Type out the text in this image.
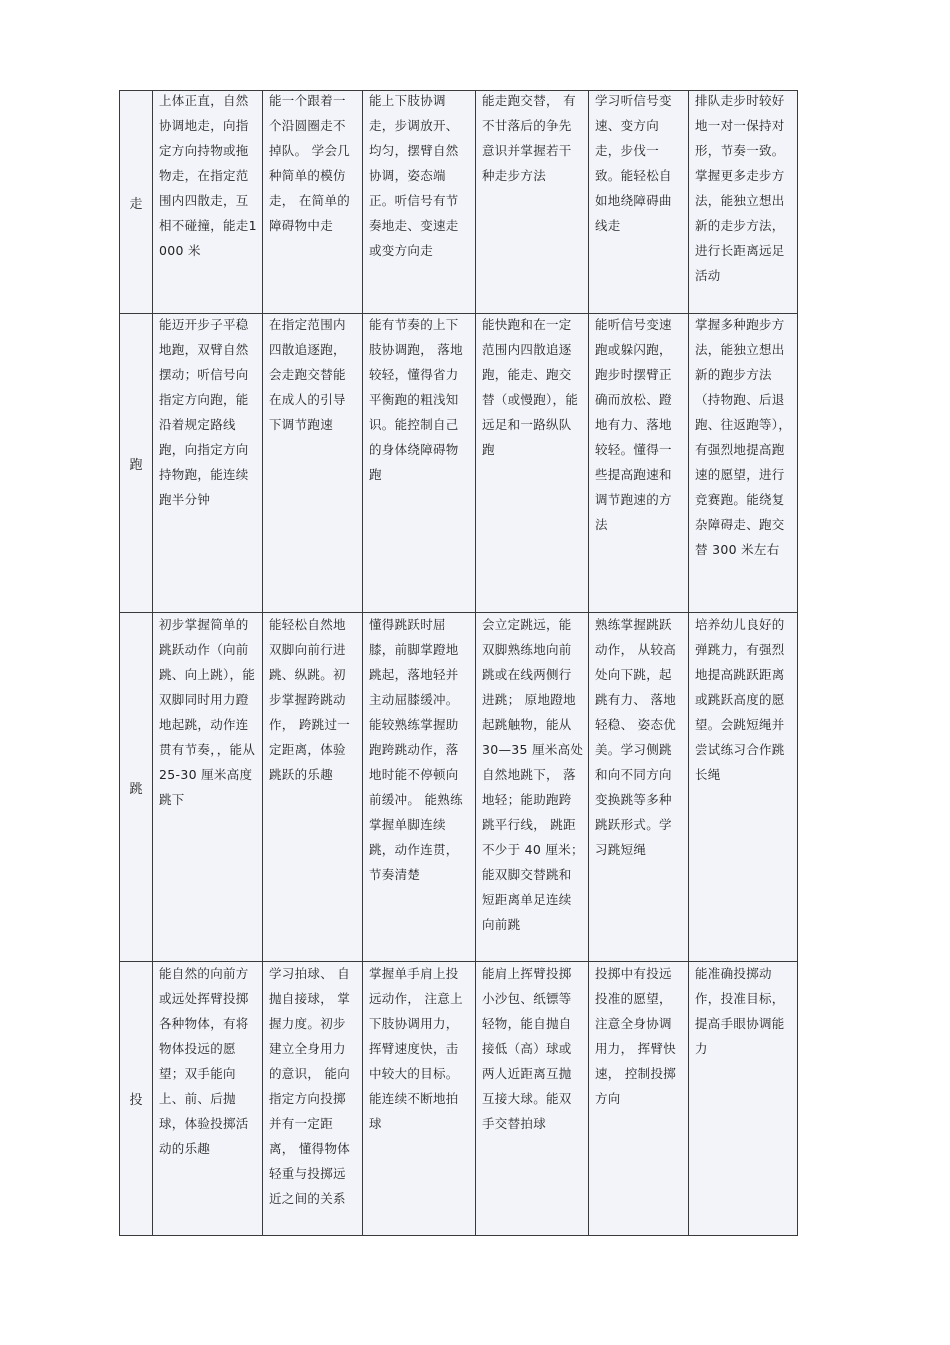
走	上体正直，自然协调地走，向指定方向持物或拖物走，在指定范围内四散走，互相不碰撞，能走1000 米	能一个跟着一个沿圆圈走不掉队。 学会几种简单的模仿走， 在简单的障碍物中走	能上下肢协调走，步调放开、均匀，摆臂自然协调，姿态端正。听信号有节奏地走、变速走或变方向走	能走跑交替， 有不甘落后的争先意识并掌握若干种走步方法	学习听信号变速、变方向走，步伐一致。能轻松自如地绕障碍曲线走	排队走步时较好地一对一保持对形，节奏一致。掌握更多走步方法，能独立想出新的走步方法，进行长距离远足活动

跑	能迈开步子平稳地跑，双臂自然摆动；听信号向指定方向跑，能沿着规定路线跑，向指定方向持物跑，能连续跑半分钟	在指定范围内四散追逐跑，会走跑交替能在成人的引导下调节跑速	能有节奏的上下肢协调跑， 落地较轻，懂得省力平衡跑的粗浅知识。能控制自己的身体绕障碍物跑	能快跑和在一定范围内四散追逐跑，能走、跑交替（或慢跑），能远足和一路纵队跑	能听信号变速跑或躲闪跑，跑步时摆臂正确而放松、蹬地有力、落地较轻。懂得一些提高跑速和调节跑速的方法	掌握多种跑步方法，能独立想出新的跑步方法（持物跑、后退跑、往返跑等），有强烈地提高跑速的愿望，进行竞赛跑。能绕复杂障碍走、跑交替 300 米左右

跳	初步掌握简单的跳跃动作（向前跳、向上跳），能双脚同时用力蹬地起跳，动作连贯有节奏，，能从 25-30 厘米高度跳下	能轻松自然地双脚向前行进跳、纵跳。初步掌握跨跳动作， 跨跳过一定距离，体验跳跃的乐趣	懂得跳跃时屈膝，前脚掌蹬地跳起，落地轻并主动屈膝缓冲。能较熟练掌握助跑跨跳动作，落地时能不停顿向前缓冲。 能熟练掌握单脚连续跳，动作连贯，节奏清楚	会立定跳远，能双脚熟练地向前跳或在线两侧行进跳； 原地蹬地起跳触物，能从 30—35 厘米高处自然地跳下， 落地轻；能助跑跨跳平行线， 跳距不少于 40 厘米；能双脚交替跳和短距离单足连续向前跳	熟练掌握跳跃动作， 从较高处向下跳，起跳有力、 落地轻稳、 姿态优美。学习侧跳和向不同方向变换跳等多种跳跃形式。学习跳短绳	培养幼儿良好的弹跳力，有强烈地提高跳跃距离或跳跃高度的愿望。会跳短绳并尝试练习合作跳长绳

投	能自然的向前方或远处挥臂投掷各种物体，有将物体投远的愿望；双手能向上、前、后抛球，体验投掷活动的乐趣	学习拍球、 自抛自接球， 掌握力度。初步建立全身用力的意识， 能向指定方向投掷并有一定距离， 懂得物体轻重与投掷远近之间的关系	掌握单手肩上投远动作， 注意上下肢协调用力，挥臂速度快，击中较大的目标。能连续不断地拍球	能肩上挥臂投掷小沙包、纸镖等轻物，能自抛自接低（高）球或两人近距离互抛互接大球。能双手交替拍球	投掷中有投远投准的愿望，注意全身协调用力， 挥臂快速， 控制投掷方向	能准确投掷动作，投准目标，提高手眼协调能力
